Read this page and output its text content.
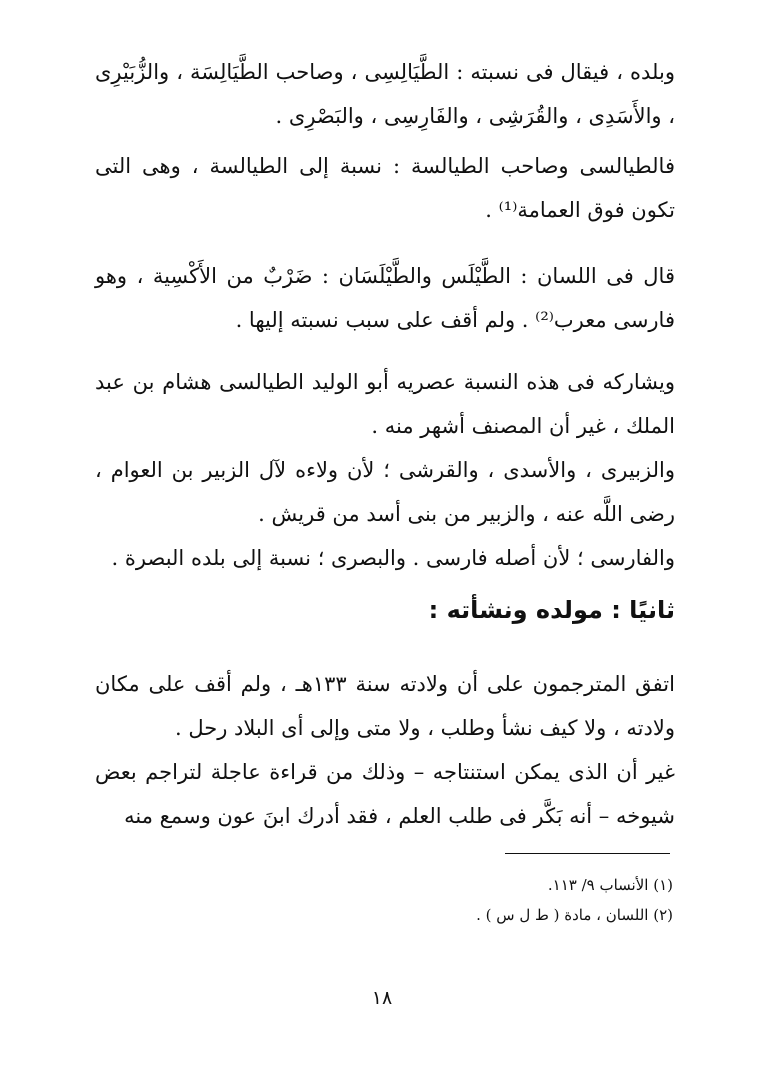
وبلده ، فيقال فى نسبته : الطَّيَالِسِى ، وصاحب الطَّيَالِسَة ، والزُّبَيْرِى ، والأَسَدِى ، والقُرَشِى ، والفَارِسِى ، والبَصْرِى .

فالطيالسى وصاحب الطيالسة : نسبة إلى الطيالسة ، وهى التى تكون فوق العمامة⁽¹⁾ .

قال فى اللسان : الطَّيْلَس والطَّيْلَسَان : ضَرْبٌ من الأَكْسِية ، وهو فارسى معرب⁽²⁾ . ولم أقف على سبب نسبته إليها .

ويشاركه فى هذه النسبة عصريه أبو الوليد الطيالسى هشام بن عبد الملك ، غير أن المصنف أشهر منه .

والزبيرى ، والأسدى ، والقرشى ؛ لأن ولاءه لآل الزبير بن العوام ، رضى اللَّه عنه ، والزبير من بنى أسد من قريش .

والفارسى ؛ لأن أصله فارسى . والبصرى ؛ نسبة إلى بلده البصرة .

ثانيًا : مولده ونشأته :

اتفق المترجمون على أن ولادته سنة ١٣٣هـ ، ولم أقف على مكان ولادته ، ولا كيف نشأ وطلب ، ولا متى وإلى أى البلاد رحل .

غير أن الذى يمكن استنتاجه – وذلك من قراءة عاجلة لتراجم بعض شيوخه – أنه بَكَّر فى طلب العلم ، فقد أدرك ابنَ عون وسمع منه

(١) الأنساب ٩/ ١١٣.

(٢) اللسان ، مادة ( ط ل س ) .

١٨
